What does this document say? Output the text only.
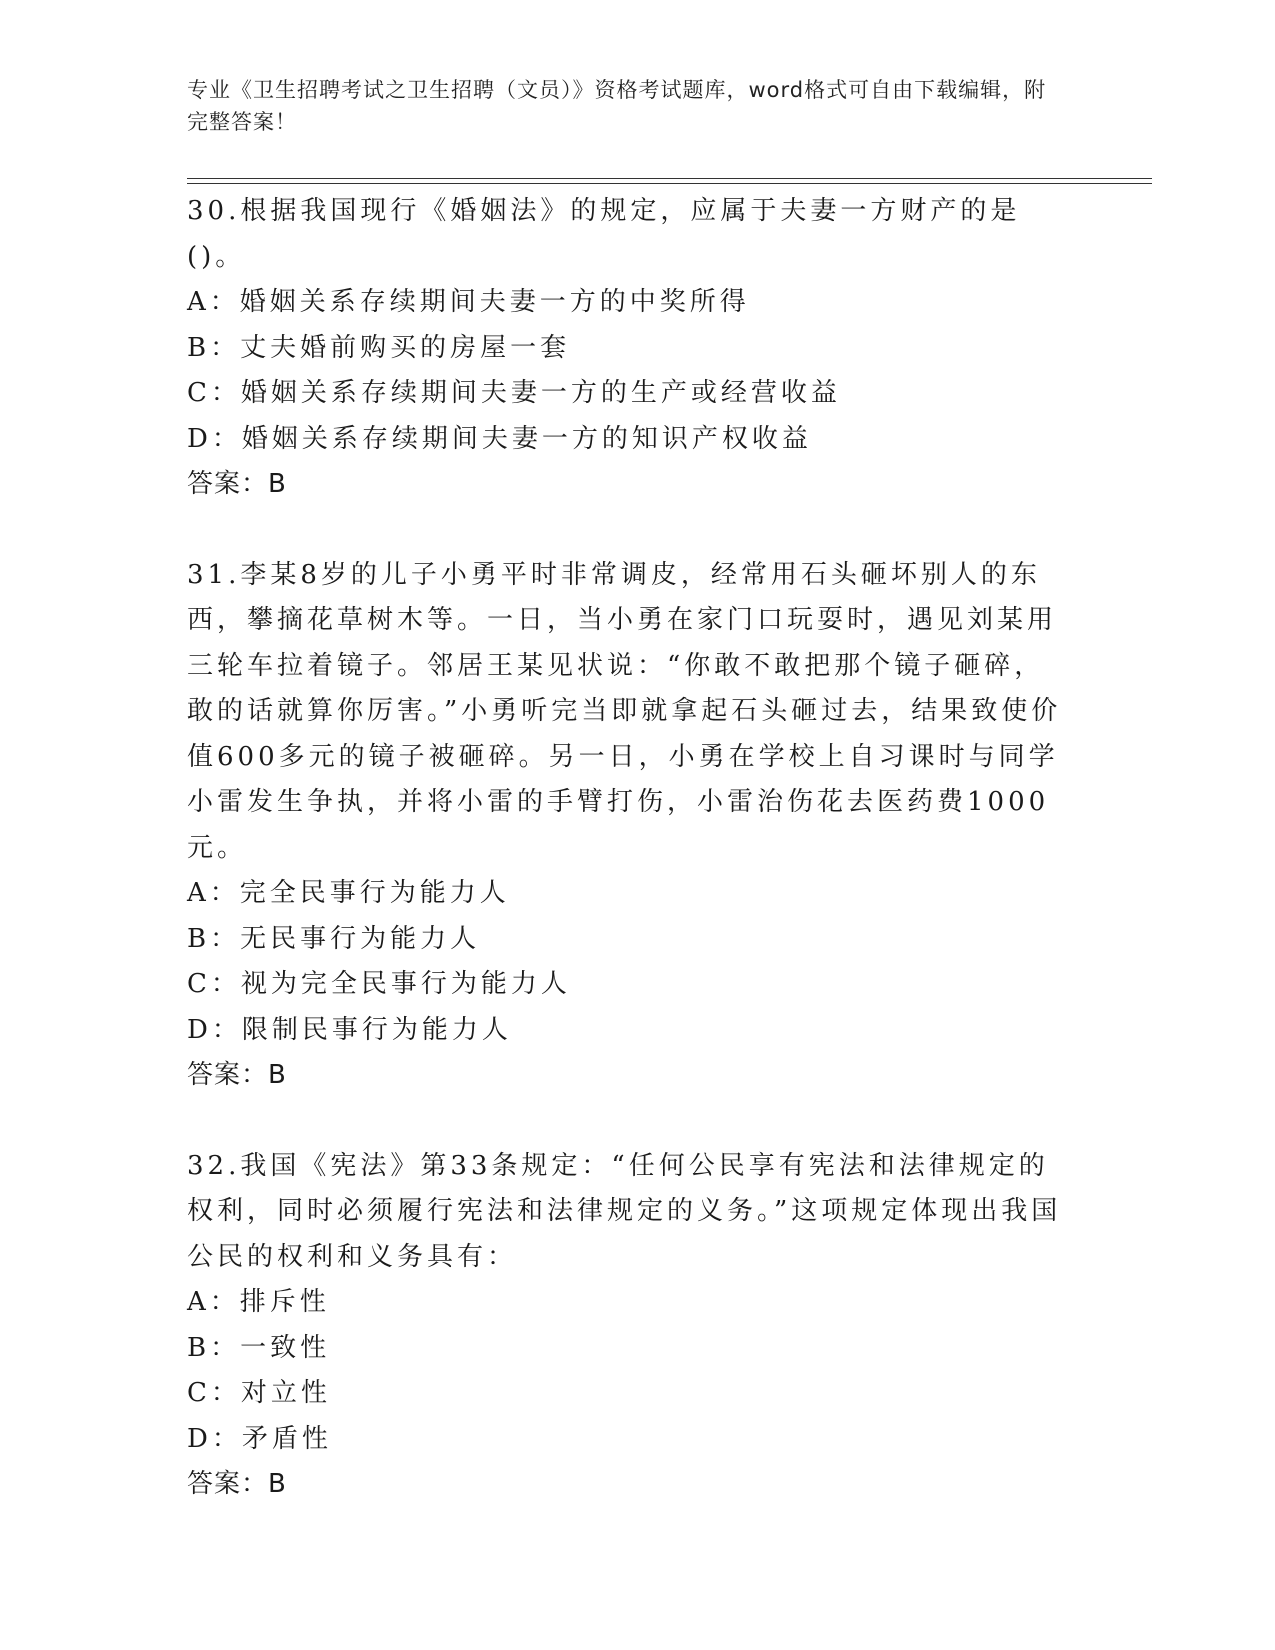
专业《卫生招聘考试之卫生招聘（文员）》资格考试题库，word格式可自由下载编辑，附完整答案！
30.根据我国现行《婚姻法》的规定，应属于夫妻一方财产的是()。
A：婚姻关系存续期间夫妻一方的中奖所得
B：丈夫婚前购买的房屋一套
C：婚姻关系存续期间夫妻一方的生产或经营收益
D：婚姻关系存续期间夫妻一方的知识产权收益
答案：B
31.李某8岁的儿子小勇平时非常调皮，经常用石头砸坏别人的东西，攀摘花草树木等。一日，当小勇在家门口玩耍时，遇见刘某用三轮车拉着镜子。邻居王某见状说：“你敢不敢把那个镜子砸碎，敢的话就算你厉害。”小勇听完当即就拿起石头砸过去，结果致使价值600多元的镜子被砸碎。另一日，小勇在学校上自习课时与同学小雷发生争执，并将小雷的手臂打伤，小雷治伤花去医药费1000元。
A：完全民事行为能力人
B：无民事行为能力人
C：视为完全民事行为能力人
D：限制民事行为能力人
答案：B
32.我国《宪法》第33条规定：“任何公民享有宪法和法律规定的权利，同时必须履行宪法和法律规定的义务。”这项规定体现出我国公民的权利和义务具有：
A：排斥性
B：一致性
C：对立性
D：矛盾性
答案：B
